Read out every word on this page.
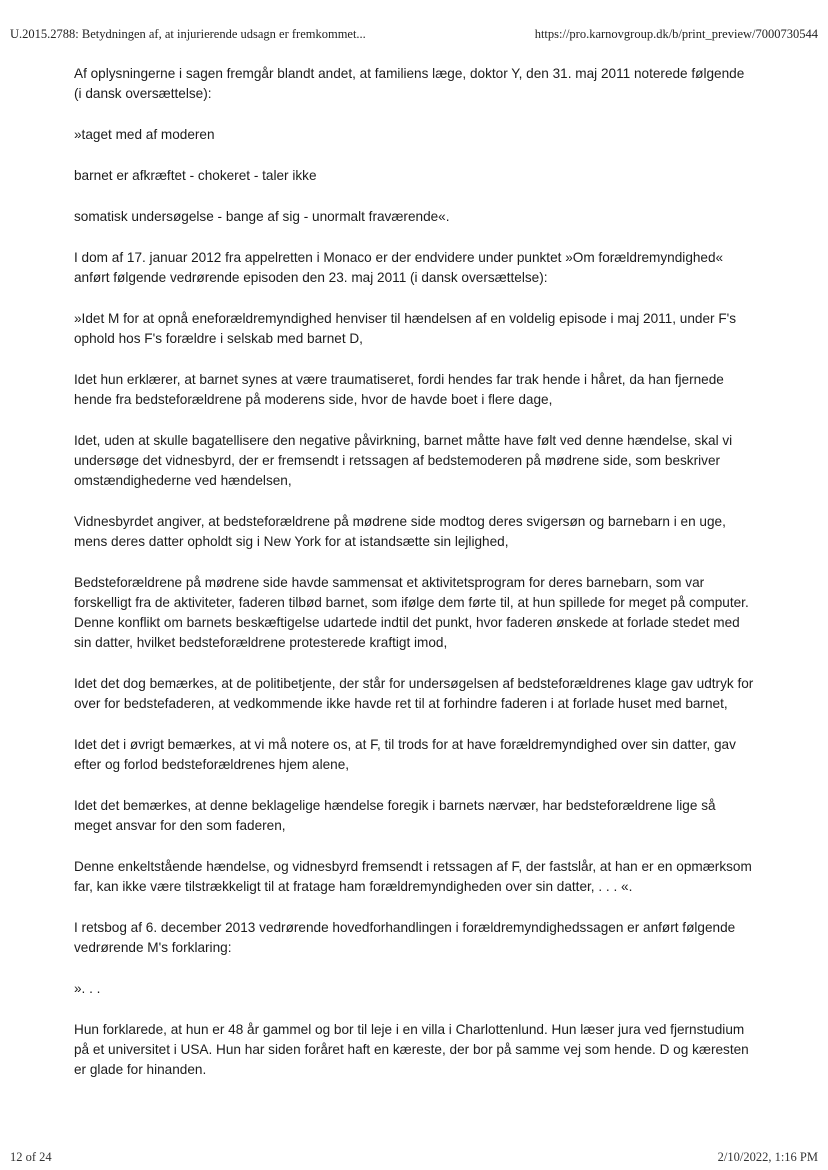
U.2015.2788: Betydningen af, at injurierende udsagn er fremkommet...	https://pro.karnovgroup.dk/b/print_preview/7000730544

Af oplysningerne i sagen fremgår blandt andet, at familiens læge, doktor Y, den 31. maj 2011 noterede følgende (i dansk oversættelse):

»taget med af moderen

barnet er afkræftet - chokeret - taler ikke

somatisk undersøgelse - bange af sig - unormalt fraværende«.

I dom af 17. januar 2012 fra appelretten i Monaco er der endvidere under punktet »Om forældremyndighed« anført følgende vedrørende episoden den 23. maj 2011 (i dansk oversættelse):

»Idet M for at opnå eneforældremyndighed henviser til hændelsen af en voldelig episode i maj 2011, under F's ophold hos F's forældre i selskab med barnet D,

Idet hun erklærer, at barnet synes at være traumatiseret, fordi hendes far trak hende i håret, da han fjernede hende fra bedsteforældrene på moderens side, hvor de havde boet i flere dage,

Idet, uden at skulle bagatellisere den negative påvirkning, barnet måtte have følt ved denne hændelse, skal vi undersøge det vidnesbyrd, der er fremsendt i retssagen af bedstemoderen på mødrene side, som beskriver omstændighederne ved hændelsen,

Vidnesbyrdet angiver, at bedsteforældrene på mødrene side modtog deres svigersøn og barnebarn i en uge, mens deres datter opholdt sig i New York for at istandsætte sin lejlighed,

Bedsteforældrene på mødrene side havde sammensat et aktivitetsprogram for deres barnebarn, som var forskelligt fra de aktiviteter, faderen tilbød barnet, som ifølge dem førte til, at hun spillede for meget på computer. Denne konflikt om barnets beskæftigelse udartede indtil det punkt, hvor faderen ønskede at forlade stedet med sin datter, hvilket bedsteforældrene protesterede kraftigt imod,

Idet det dog bemærkes, at de politibetjente, der står for undersøgelsen af bedsteforældrenes klage gav udtryk for over for bedstefaderen, at vedkommende ikke havde ret til at forhindre faderen i at forlade huset med barnet,

Idet det i øvrigt bemærkes, at vi må notere os, at F, til trods for at have forældremyndighed over sin datter, gav efter og forlod bedsteforældrenes hjem alene,

Idet det bemærkes, at denne beklagelige hændelse foregik i barnets nærvær, har bedsteforældrene lige så meget ansvar for den som faderen,

Denne enkeltstående hændelse, og vidnesbyrd fremsendt i retssagen af F, der fastslår, at han er en opmærksom far, kan ikke være tilstrækkeligt til at fratage ham forældremyndigheden over sin datter, . . . «.

I retsbog af 6. december 2013 vedrørende hovedforhandlingen i forældremyndighedssagen er anført følgende vedrørende M's forklaring:

». . .

Hun forklarede, at hun er 48 år gammel og bor til leje i en villa i Charlottenlund. Hun læser jura ved fjernstudium på et universitet i USA. Hun har siden foråret haft en kæreste, der bor på samme vej som hende. D og kæresten er glade for hinanden.

12 of 24	2/10/2022, 1:16 PM
